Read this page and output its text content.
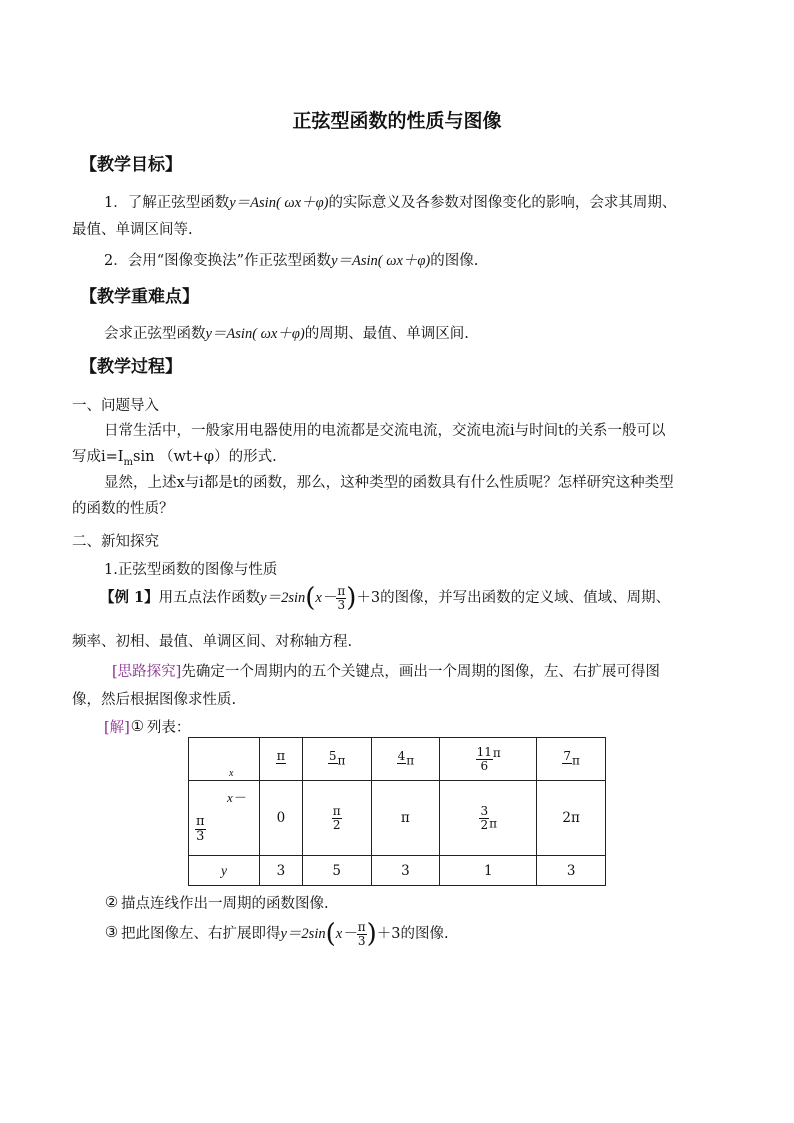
正弦型函数的性质与图像
【教学目标】
1．了解正弦型函数y＝Asin( ωx＋φ)的实际意义及各参数对图像变化的影响，会求其周期、
最值、单调区间等.
2．会用“图像变换法”作正弦型函数y＝Asin( ωx＋φ)的图像.
【教学重难点】
会求正弦型函数y＝Asin( ωx＋φ)的周期、最值、单调区间.
【教学过程】
一、问题导入
日常生活中，一般家用电器使用的电流都是交流电流，交流电流i与时间t的关系一般可以
写成$i=I_m\sin$ （wt+φ）的形式.
显然，上述x与i都是t的函数，那么，这种类型的函数具有什么性质呢？怎样研究这种类型
的函数的性质？
二、新知探究
1.正弦型函数的图像与性质
【例 1】用五点法作函数$y=2\sin(x- \frac{\pi}{3} )+3$的图像，并写出函数的定义域、值域、周期、
频率、初相、最值、单调区间、对称轴方程.
[思路探究]先确定一个周期内的五个关键点，画出一个周期的图像，左、右扩展可得图
像，然后根据图像求性质.
[解]① 列表：
x	$\frac{\pi}{3}$	$\frac{5}{6}$ π	$\frac{4}{3}$ π	$\frac{11}{6}$ π	$\frac{7}{3}$ π

x－
$\frac{\pi}{3}$	0	$\frac{\pi}{2}$	π	$\frac{3}{2}$ π	2π
y	3	5	3	1	3
② 描点连线作出一周期的函数图像.
③ 把此图像左、右扩展即得$y=2\sin(x- \frac{\pi}{3} )+3$的图像.
